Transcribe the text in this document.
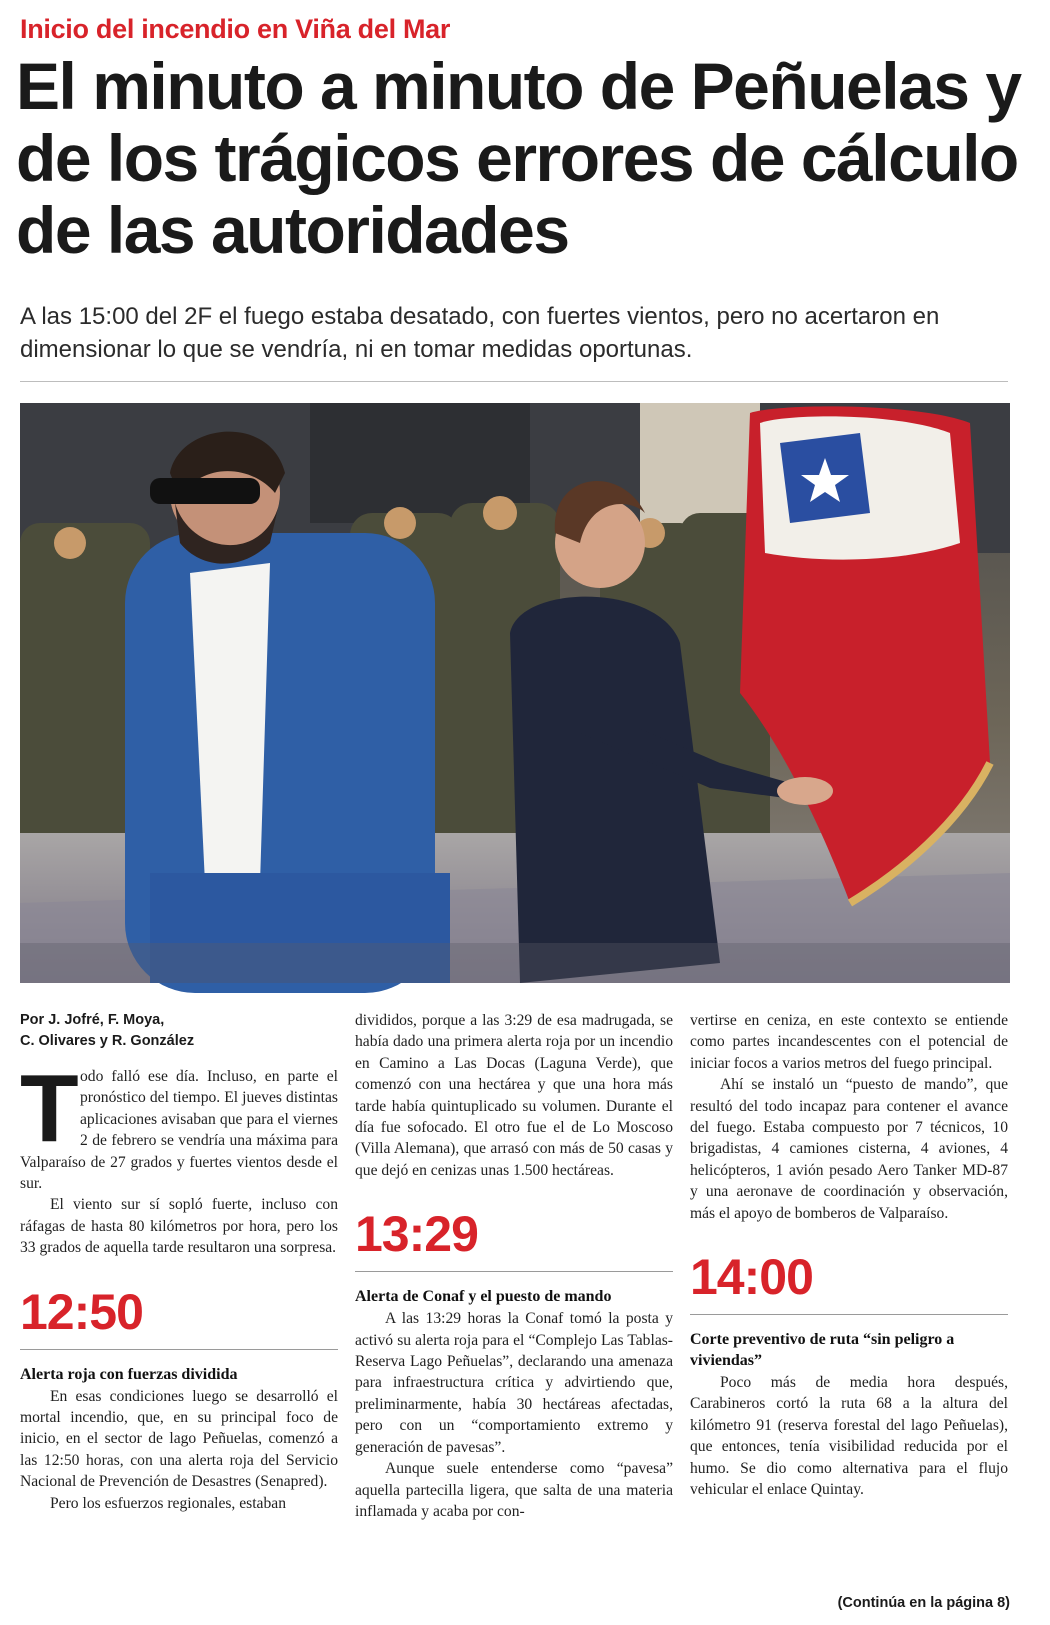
Inicio del incendio en Viña del Mar
El minuto a minuto de Peñuelas y de los trágicos errores de cálculo de las autoridades

A las 15:00 del 2F el fuego estaba desatado, con fuertes vientos, pero no acertaron en dimensionar lo que se vendría, ni en tomar medidas oportunas.

Por J. Jofré, F. Moya,
C. Olivares y R. González

Todo falló ese día. Incluso, en parte el pronóstico del tiempo. El jueves distintas aplicaciones avisaban que para el viernes 2 de febrero se vendría una máxima para Valparaíso de 27 grados y fuertes vientos desde el sur.

El viento sur sí sopló fuerte, incluso con ráfagas de hasta 80 kilómetros por hora, pero los 33 grados de aquella tarde resultaron una sorpresa.

12:50
Alerta roja con fuerzas dividida

En esas condiciones luego se desarrolló el mortal incendio, que, en su principal foco de inicio, en el sector de lago Peñuelas, comenzó a las 12:50 horas, con una alerta roja del Servicio Nacional de Prevención de Desastres (Senapred).

Pero los esfuerzos regionales, estaban

divididos, porque a las 3:29 de esa madrugada, se había dado una primera alerta roja por un incendio en Camino a Las Docas (Laguna Verde), que comenzó con una hectárea y que una hora más tarde había quintuplicado su volumen. Durante el día fue sofocado. El otro fue el de Lo Moscoso (Villa Alemana), que arrasó con más de 50 casas y que dejó en cenizas unas 1.500 hectáreas.

13:29
Alerta de Conaf y el puesto de mando

A las 13:29 horas la Conaf tomó la posta y activó su alerta roja para el “Complejo Las Tablas-Reserva Lago Peñuelas”, declarando una amenaza para infraestructura crítica y advirtiendo que, preliminarmente, había 30 hectáreas afectadas, pero con un “comportamiento extremo y generación de pavesas”.

Aunque suele entenderse como “pavesa” aquella partecilla ligera, que salta de una materia inflamada y acaba por con-

vertirse en ceniza, en este contexto se entiende como partes incandescentes con el potencial de iniciar focos a varios metros del fuego principal.

Ahí se instaló un “puesto de mando”, que resultó del todo incapaz para contener el avance del fuego. Estaba compuesto por 7 técnicos, 10 brigadistas, 4 camiones cisterna, 4 aviones, 4 helicópteros, 1 avión pesado Aero Tanker MD-87 y una aeronave de coordinación y observación, más el apoyo de bomberos de Valparaíso.

14:00
Corte preventivo de ruta “sin peligro a viviendas”

Poco más de media hora después, Carabineros cortó la ruta 68 a la altura del kilómetro 91 (reserva forestal del lago Peñuelas), que entonces, tenía visibilidad reducida por el humo. Se dio como alternativa para el flujo vehicular el enlace Quintay.

(Continúa en la página 8)
